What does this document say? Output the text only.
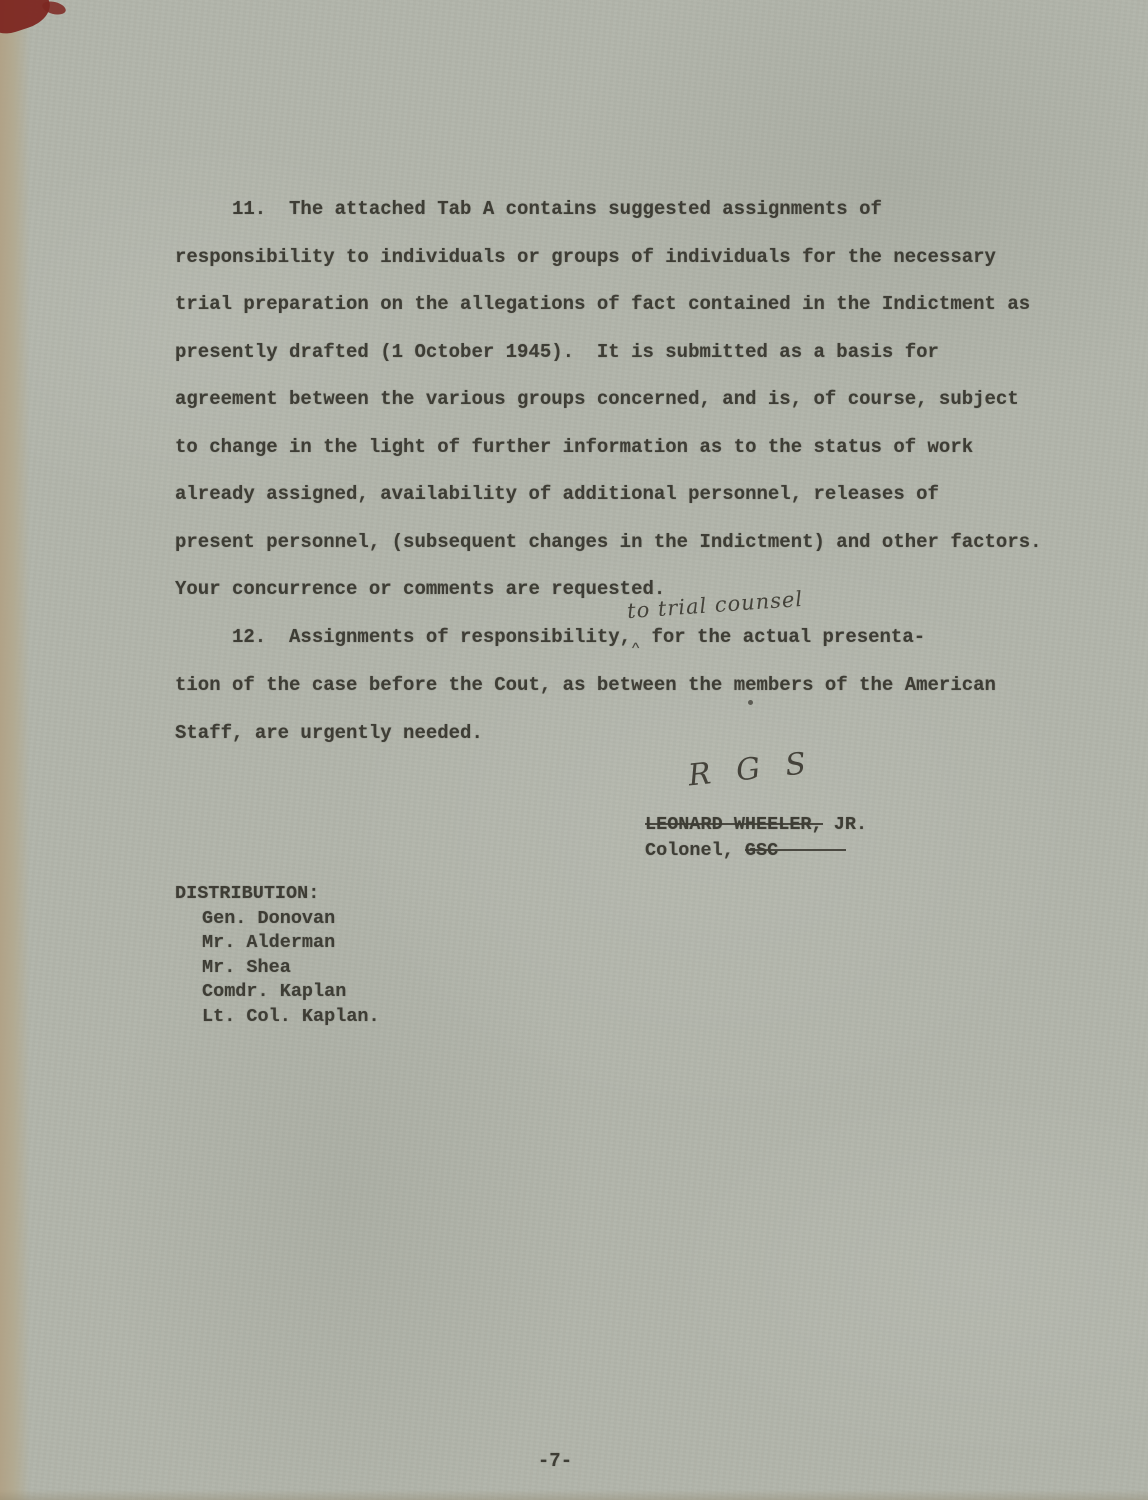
11.  The attached Tab A contains suggested assignments of
responsibility to individuals or groups of individuals for the necessary
trial preparation on the allegations of fact contained in the Indictment as
presently drafted (1 October 1945).  It is submitted as a basis for
agreement between the various groups concerned, and is, of course, subject
to change in the light of further information as to the status of work
already assigned, availability of additional personnel, releases of
present personnel, (subsequent changes in the Indictment) and other factors.
Your concurrence or comments are requested.
12.  Assignments of responsibility,^ for the actual presenta-
to trial counsel
tion of the case before the Cout, as between the members of the American
Staff, are urgently needed.
R G S
LEONARD WHEELER, JR.
Colonel, GSC
DISTRIBUTION:
Gen. Donovan
Mr. Alderman
Mr. Shea
Comdr. Kaplan
Lt. Col. Kaplan.
-7-
